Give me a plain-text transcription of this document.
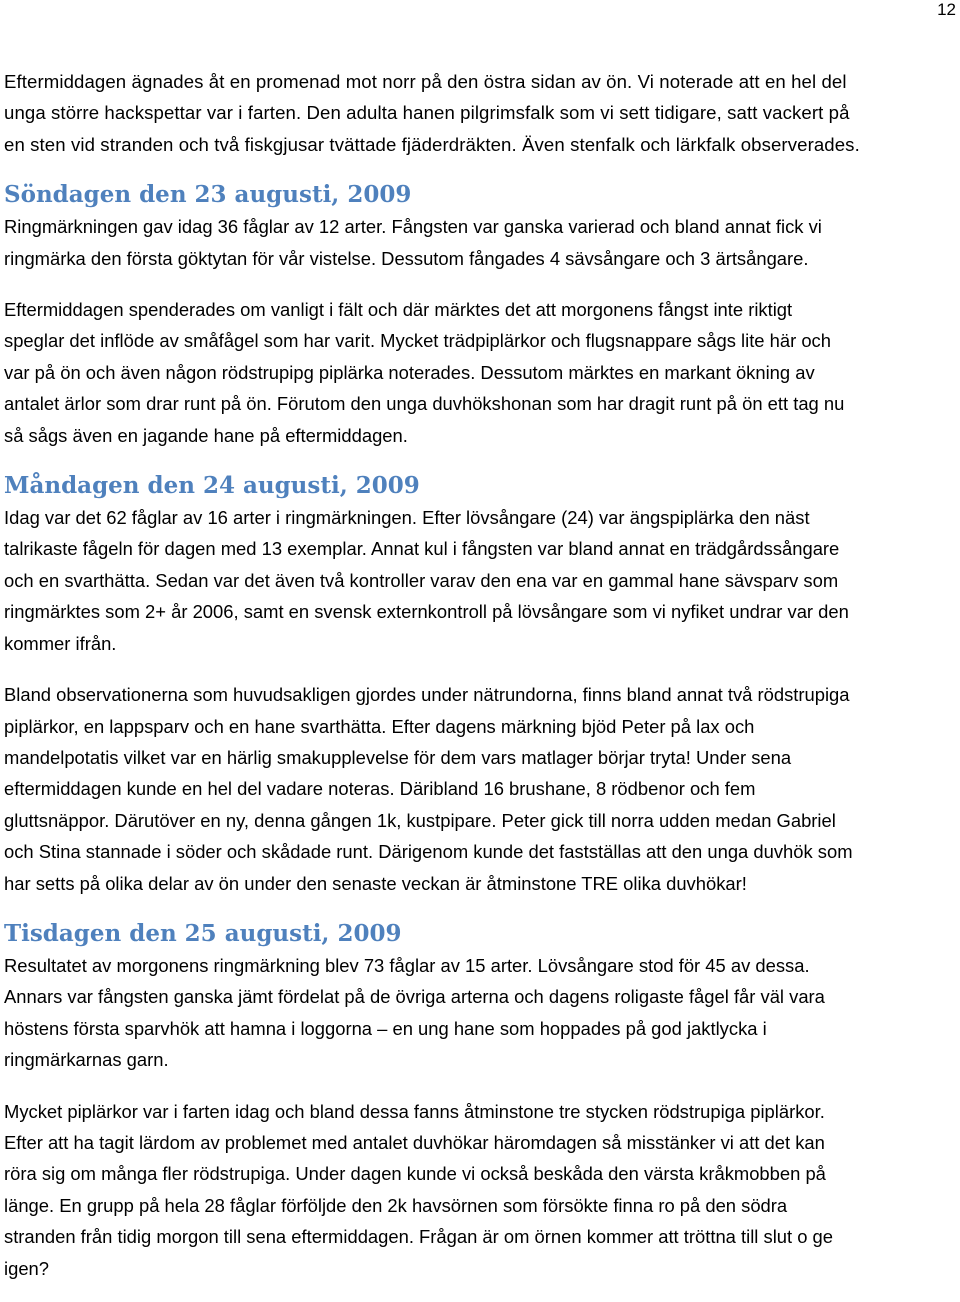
12

Eftermiddagen ägnades åt en promenad mot norr på den östra sidan av ön. Vi noterade att en hel del
unga större hackspettar var i farten. Den adulta hanen pilgrimsfalk som vi sett tidigare, satt vackert på
en sten vid stranden och två fiskgjusar tvättade fjäderdräkten. Även stenfalk och lärkfalk observerades.

Söndagen den 23 augusti, 2009

Ringmärkningen gav idag 36 fåglar av 12 arter. Fångsten var ganska varierad och bland annat fick vi
ringmärka den första göktytan för vår vistelse. Dessutom fångades 4 sävsångare och 3 ärtsångare.

Eftermiddagen spenderades om vanligt i fält och där märktes det att morgonens fångst inte riktigt
speglar det inflöde av småfågel som har varit. Mycket trädpiplärkor och flugsnappare sågs lite här och
var på ön och även någon rödstrupipg piplärka noterades. Dessutom märktes en markant ökning av
antalet ärlor som drar runt på ön. Förutom den unga duvhökshonan som har dragit runt på ön ett tag nu
så sågs även en jagande hane på eftermiddagen.

Måndagen den 24 augusti, 2009

Idag var det 62 fåglar av 16 arter i ringmärkningen. Efter lövsångare (24) var ängspiplärka den näst
talrikaste fågeln för dagen med 13 exemplar. Annat kul i fångsten var bland annat en trädgårdssångare
och en svarthätta. Sedan var det även två kontroller varav den ena var en gammal hane sävsparv som
ringmärktes som 2+ år 2006, samt en svensk externkontroll på lövsångare som vi nyfiket undrar var den
kommer ifrån.

Bland observationerna som huvudsakligen gjordes under nätrundorna, finns bland annat två rödstrupiga
piplärkor, en lappsparv och en hane svarthätta. Efter dagens märkning bjöd Peter på lax och
mandelpotatis vilket var en härlig smakupplevelse för dem vars matlager börjar tryta! Under sena
eftermiddagen kunde en hel del vadare noteras. Däribland 16 brushane, 8 rödbenor och fem
gluttsnäppor. Därutöver en ny, denna gången 1k, kustpipare. Peter gick till norra udden medan Gabriel
och Stina stannade i söder och skådade runt. Därigenom kunde det fastställas att den unga duvhök som
har setts på olika delar av ön under den senaste veckan är åtminstone TRE olika duvhökar!

Tisdagen den 25 augusti, 2009

Resultatet av morgonens ringmärkning blev 73 fåglar av 15 arter. Lövsångare stod för 45 av dessa.
Annars var fångsten ganska jämt fördelat på de övriga arterna och dagens roligaste fågel får väl vara
höstens första sparvhök att hamna i loggorna – en ung hane som hoppades på god jaktlycka i
ringmärkarnas garn.

Mycket piplärkor var i farten idag och bland dessa fanns åtminstone tre stycken rödstrupiga piplärkor.
Efter att ha tagit lärdom av problemet med antalet duvhökar häromdagen så misstänker vi att det kan
röra sig om många fler rödstrupiga. Under dagen kunde vi också beskåda den värsta kråkmobben på
länge. En grupp på hela 28 fåglar förföljde den 2k havsörnen som försökte finna ro på den södra
stranden från tidig morgon till sena eftermiddagen. Frågan är om örnen kommer att tröttna till slut o ge
igen?
